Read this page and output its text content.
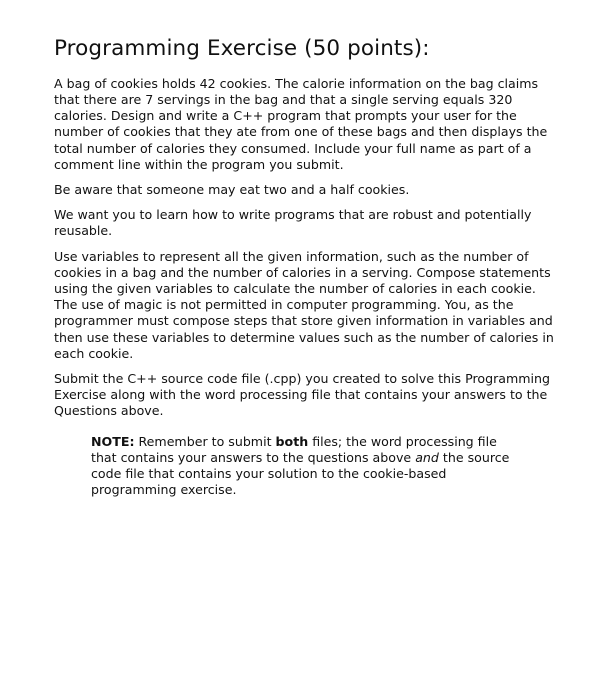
Programming Exercise (50 points):

A bag of cookies holds 42 cookies. The calorie information on the bag claims that there are 7 servings in the bag and that a single serving equals 320 calories. Design and write a C++ program that prompts your user for the number of cookies that they ate from one of these bags and then displays the total number of calories they consumed. Include your full name as part of a comment line within the program you submit.

Be aware that someone may eat two and a half cookies.

We want you to learn how to write programs that are robust and potentially reusable.

Use variables to represent all the given information, such as the number of cookies in a bag and the number of calories in a serving. Compose statements using the given variables to calculate the number of calories in each cookie. The use of magic is not permitted in computer programming. You, as the programmer must compose steps that store given information in variables and then use these variables to determine values such as the number of calories in each cookie.

Submit the C++ source code file (.cpp) you created to solve this Programming Exercise along with the word processing file that contains your answers to the Questions above.

NOTE: Remember to submit both files; the word processing file that contains your answers to the questions above and the source code file that contains your solution to the cookie-based programming exercise.
